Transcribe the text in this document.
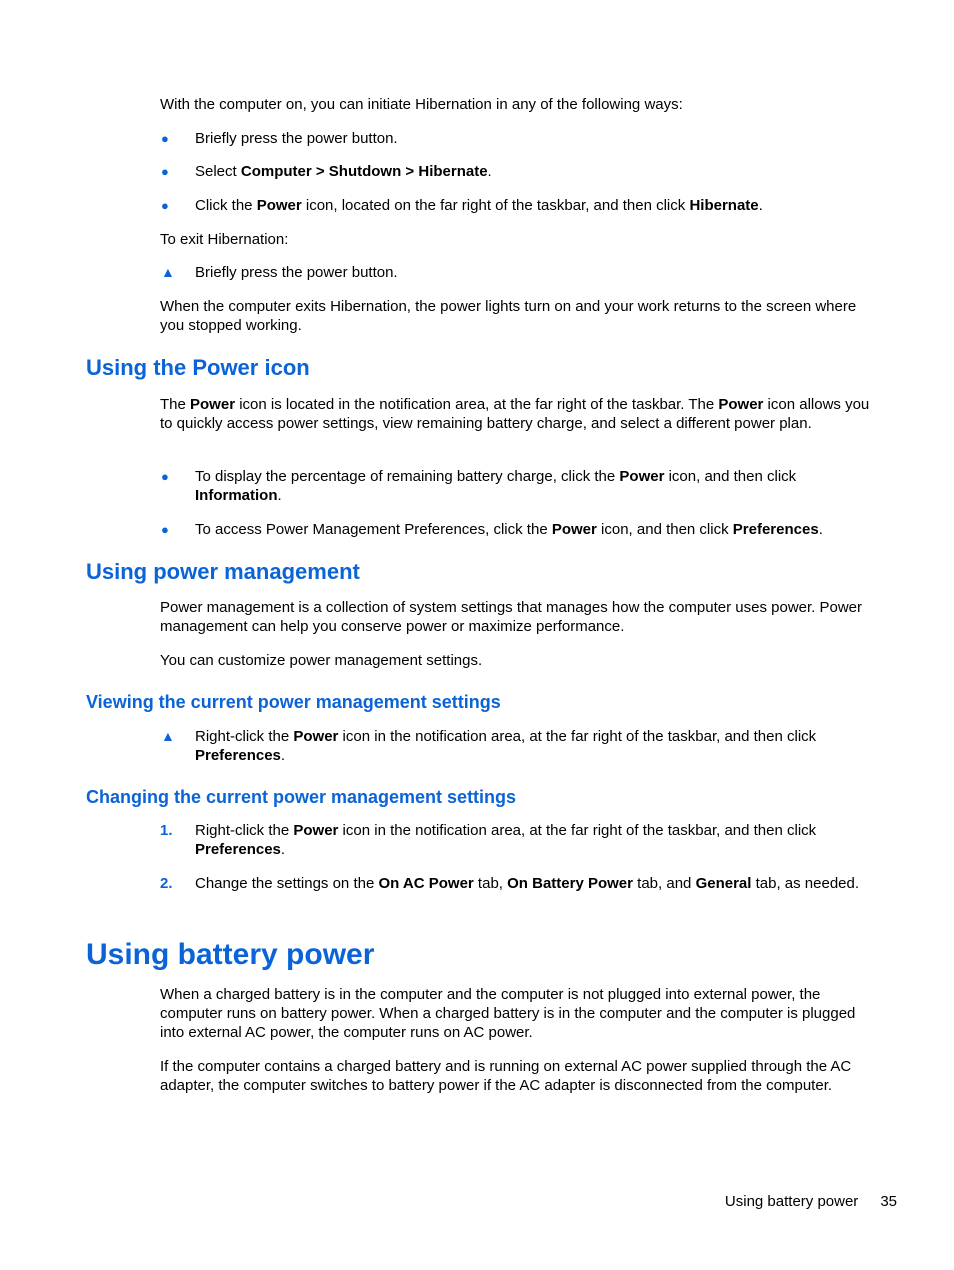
With the computer on, you can initiate Hibernation in any of the following ways:

●	Briefly press the power button.
●	Select Computer > Shutdown > Hibernate.
●	Click the Power icon, located on the far right of the taskbar, and then click Hibernate.

To exit Hibernation:

▲	Briefly press the power button.

When the computer exits Hibernation, the power lights turn on and your work returns to the screen where you stopped working.

Using the Power icon

The Power icon is located in the notification area, at the far right of the taskbar. The Power icon allows you to quickly access power settings, view remaining battery charge, and select a different power plan.

●	To display the percentage of remaining battery charge, click the Power icon, and then click Information.
●	To access Power Management Preferences, click the Power icon, and then click Preferences.
Using power management

Power management is a collection of system settings that manages how the computer uses power. Power management can help you conserve power or maximize performance.

You can customize power management settings.

Viewing the current power management settings
▲	Right-click the Power icon in the notification area, at the far right of the taskbar, and then click Preferences.
Changing the current power management settings
1.	Right-click the Power icon in the notification area, at the far right of the taskbar, and then click Preferences.
2.	Change the settings on the On AC Power tab, On Battery Power tab, and General tab, as needed.
Using battery power

When a charged battery is in the computer and the computer is not plugged into external power, the computer runs on battery power. When a charged battery is in the computer and the computer is plugged into external AC power, the computer runs on AC power.

If the computer contains a charged battery and is running on external AC power supplied through the AC adapter, the computer switches to battery power if the AC adapter is disconnected from the computer.

Using battery power 35
